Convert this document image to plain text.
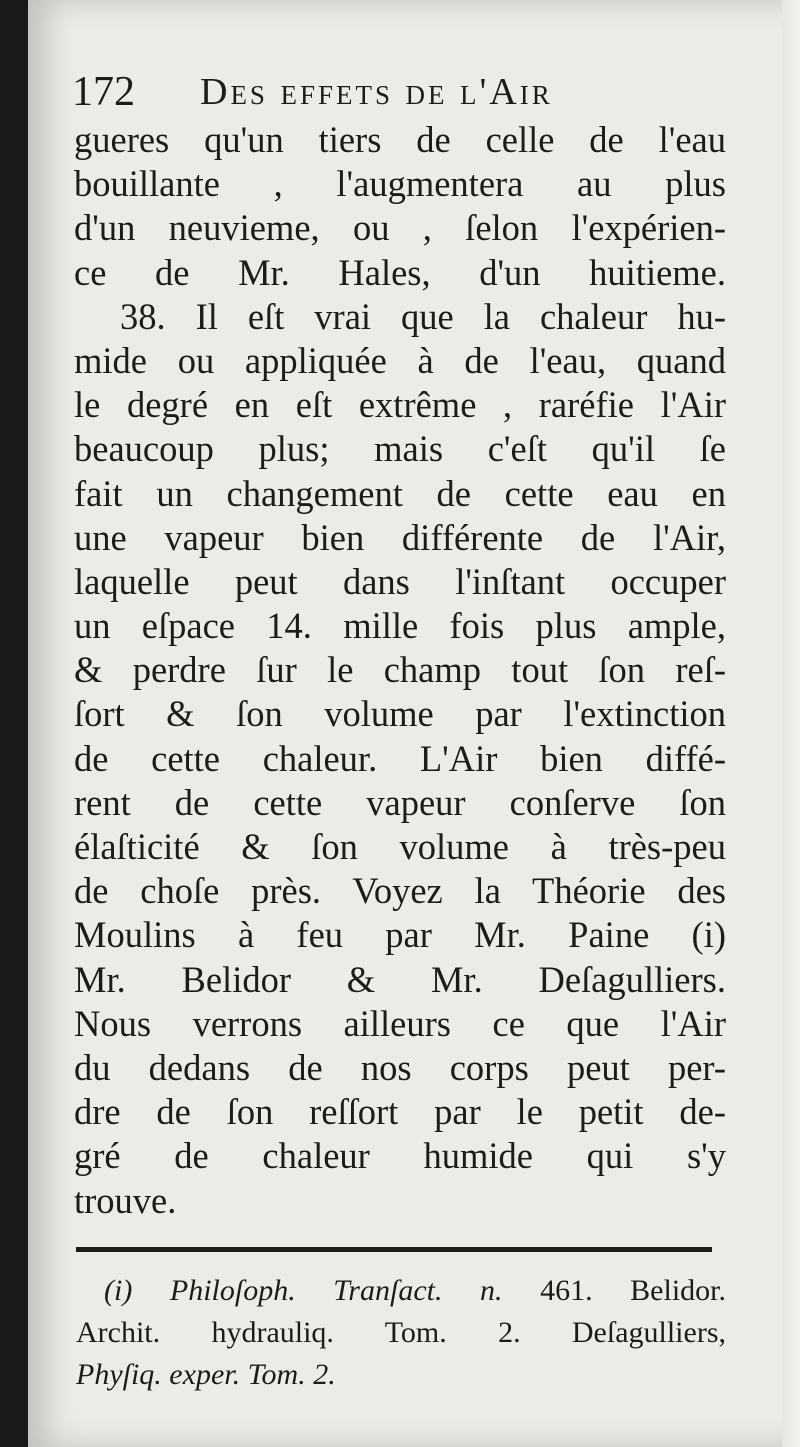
172 Des effets de l'Air
gueres qu'un tiers de celle de l'eau
bouillante , l'augmentera au plus
d'un neuvieme, ou , ſelon l'expérien-
ce de Mr. Hales, d'un huitieme.
38. Il eſt vrai que la chaleur hu-
mide ou appliquée à de l'eau, quand
le degré en eſt extrême , raréfie l'Air
beaucoup plus; mais c'eſt qu'il ſe
fait un changement de cette eau en
une vapeur bien différente de l'Air,
laquelle peut dans l'inſtant occuper
un eſpace 14. mille fois plus ample,
& perdre ſur le champ tout ſon reſ-
ſort & ſon volume par l'extinction
de cette chaleur. L'Air bien diffé-
rent de cette vapeur conſerve ſon
élaſticité & ſon volume à très-peu
de choſe près. Voyez la Théorie des
Moulins à feu par Mr. Paine (i)
Mr. Belidor & Mr. Deſagulliers.
Nous verrons ailleurs ce que l'Air
du dedans de nos corps peut per-
dre de ſon reſſort par le petit de-
gré de chaleur humide qui s'y
trouve.
(i) Philoſoph. Tranſact. n. 461. Belidor.
Archit. hydrauliq. Tom. 2. Deſagulliers,
Phyſiq. exper. Tom. 2.
